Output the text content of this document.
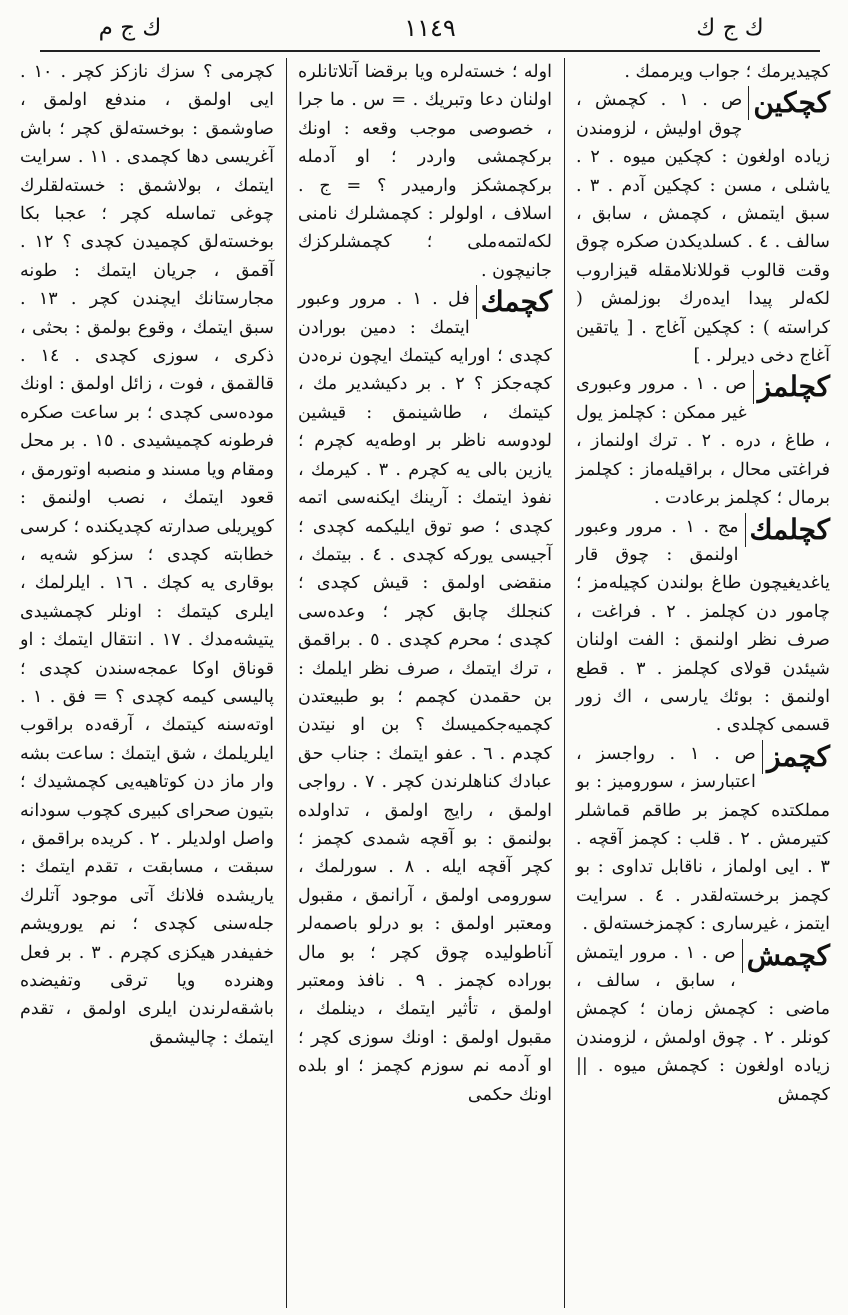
ك ج ك
١١٤٩
ك ج م
كچيديرمك ؛ جواب ويرممك .
كچكين
ص . ١ . كچمش ، چوق اوليش ، لزومندن زياده اولغون : كچكين ميوه . ٢ . ياشلی ، مسن : كچكين آدم . ٣ . سبق ايتمش ، كچمش ، سابق ، سالف . ٤ . كسلديكدن صكره چوق وقت قالوب قوللانلامقله قيزاروب لكه‌لر پيدا ايده‌رك بوزلمش ( كراسته ) : كچكين آغاج . [ ياتقين آغاج دخی ديرلر . ]
كچلمز
ص . ١ . مرور وعبوری غير ممكن : كچلمز يول ، طاغ ، دره . ٢ . ترك اولنماز ، فراغتی محال ، براقيله‌ماز : كچلمز برمال ؛ كچلمز برعادت .
كچلمك
مج . ١ . مرور وعبور اولنمق : چوق قار ياغديغيچون طاغ بولندن كچيله‌مز ؛ چامور دن كچلمز . ٢ . فراغت ، صرف نظر اولنمق : الفت اولنان شيئدن قولای كچلمز . ٣ . قطع اولنمق : بوئك يارسی ، اك زور قسمی كچلدی .
كچمز
ص . ١ . رواجسز ، اعتبارسز ، سوروميز : بو مملكتده كچمز بر طاقم قماشلر كتيرمش . ٢ . قلب : كچمز آقچه . ٣ . ايی اولماز ، ناقابل تداوی : بو كچمز برخسته‌لقدر . ٤ . سرايت ايتمز ، غيرساری : كچمزخسته‌لق .
كچمش
ص . ١ . مرور ايتمش ، سابق ، سالف ، ماضی : كچمش زمان ؛ كچمش كونلر . ٢ . چوق اولمش ، لزومندن زياده اولغون : كچمش ميوه . || كچمش
اوله ؛ خسته‌لره ويا برقضا آتلاتانلره اولنان دعا وتبريك . = س . ما جرا ، خصوصی موجب وقعه : اونك بركچمشی واردر ؛ او آدمله بركچمشكز وارميدر ؟ = ج . اسلاف ، اولولر : كچمشلرك نامنی لكه‌لتمه‌ملی ؛ كچمشلركزك جانيچون .
كچمك
فل . ١ . مرور وعبور ايتمك : دمين بورادن كچدی ؛ اورايه كيتمك ايچون نره‌دن كچه‌جكز ؟ ٢ . بر دكيشدير مك ، كيتمك ، طاشينمق : قيشين لودوسه ناظر بر اوطه‌يه كچرم ؛ يازين بالی يه كچرم . ٣ . كيرمك ، نفوذ ايتمك : آرينك ايكنه‌سی اتمه كچدی ؛ صو توق ايليكمه كچدی ؛ آجيسی يوركه كچدی . ٤ . بيتمك ، منقضی اولمق : قيش كچدی ؛ كنجلك چابق كچر ؛ وعده‌سی كچدی ؛ محرم كچدی . ٥ . براقمق ، ترك ايتمك ، صرف نظر ايلمك : بن حقمدن كچمم ؛ بو طبيعتدن كچميه‌جكميسك ؟ بن او نيتدن كچدم . ٦ . عفو ايتمك : جناب حق عبادك كناهلرندن كچر . ٧ . رواجی اولمق ، رايج اولمق ، تداولده بولنمق : بو آقچه شمدی كچمز ؛ كچر آقچه ايله . ٨ . سورلمك ، سورومی اولمق ، آرانمق ، مقبول ومعتبر اولمق : بو درلو باصمه‌لر آناطولیده چوق كچر ؛ بو مال بوراده كچمز . ٩ . نافذ ومعتبر اولمق ، تأثير ايتمك ، دينلمك ، مقبول اولمق : اونك سوزی كچر ؛ او آدمه نم سوزم كچمز ؛ او بلده اونك حكمی
كچرمی ؟ سزك نازكز كچر . ١٠ . ايی اولمق ، مندفع اولمق ، صاوشمق : بوخسته‌لق كچر ؛ باش آغريسی دها كچمدی . ١١ . سرايت ايتمك ، بولاشمق : خسته‌لقلرك چوغی تماسله كچر ؛ عجبا بكا بوخسته‌لق كچميدن كچدی ؟ ١٢ . آقمق ، جريان ايتمك : طونه مجارستانك ايچندن كچر . ١٣ . سبق ايتمك ، وقوع بولمق : بحثی ، ذكری ، سوزی كچدی . ١٤ . قالقمق ، فوت ، زائل اولمق : اونك موده‌سی كچدی ؛ بر ساعت صكره فرطونه كچميشيدی . ١٥ . بر محل ومقام ويا مسند و منصبه اوتورمق ، قعود ايتمك ، نصب اولنمق : كوپريلی صدارته كچديكنده ؛ كرسی خطابته كچدی ؛ سزكو شه‌يه ، بوقاری يه كچك . ١٦ . ايلرلمك ، ايلری كيتمك : اونلر كچمشيدی يتيشه‌مدك . ١٧ . انتقال ايتمك : او قوناق اوكا عمجه‌سندن كچدی ؛ پاليسی كيمه كچدی ؟ = فق . ١ . اوته‌سنه كيتمك ، آرقه‌ده براقوب ايلريلمك ، شق ايتمك : ساعت بشه وار ماز دن كوتاهيه‌يی كچمشيدك ؛ بتيون صحرای كبيری كچوب سودانه واصل اولديلر . ٢ . كريده براقمق ، سبقت ، مسابقت ، تقدم ايتمك : ياريشده فلانك آتی موجود آتلرك جله‌سنی كچدی ؛ نم يورويشم خفيفدر هيكزی كچرم . ٣ . بر فعل وهنرده ويا ترقی وتفيضده باشقه‌لرندن ايلری اولمق ، تقدم ايتمك : چاليشمق
